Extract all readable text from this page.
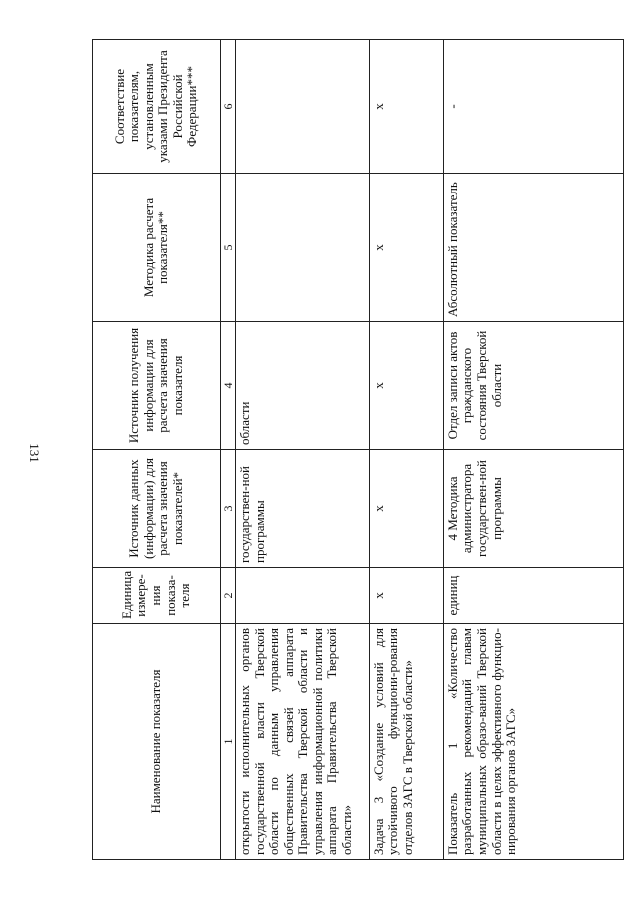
131
Наименование показателя	Единица измере-ния показа-теля	Источник данных (информации) для расчета значения показателей*	Источник получения информации для расчета значения показателя	Методика расчета показателя**	Соответствие показателям, установленным указами Президента Российской Федерации***
1	2	3	4	5	6
открытости исполнительных органов государственной власти Тверской области по данным управления общественных связей аппарата Правительства Тверской области и управления информационной политики аппарата Правительства Тверской области»		государствен-ной программы	области		
Задача 3 «Создание условий для устойчивого функциони-рования отделов ЗАГС в Тверской области»	х	х	х	х	х
Показатель 1 «Количество разработанных рекомендаций главам муниципальных образо-ваний Тверской области в целях эффективного функцио-нирования органов ЗАГС»	единиц	4 Методика администратора государствен-ной программы	Отдел записи актов гражданского состояния Тверской области	Абсолютный показатель	-
